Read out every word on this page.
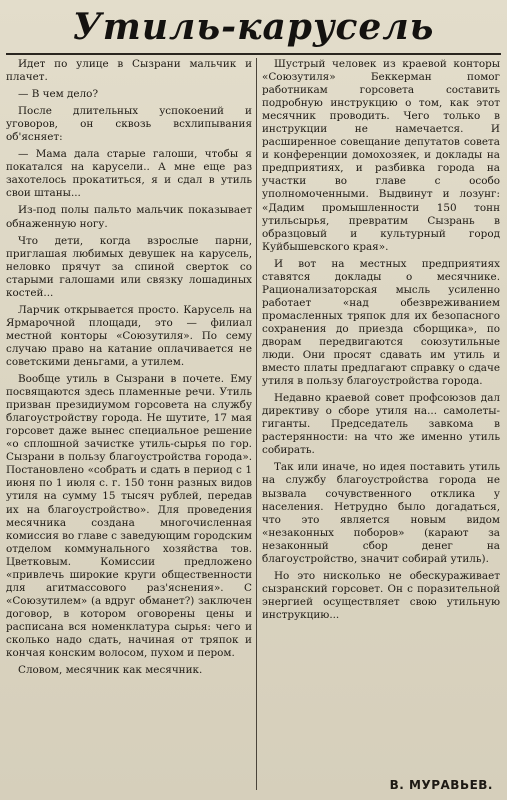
Утиль-карусель

Идет по улице в Сызрани мальчик и плачет.

— В чем дело?

После длительных успокоений и уговоров, он сквозь всхлипывания об'ясняет:

— Мама дала старые галоши, чтобы я покатался на карусели.. А мне еще раз захотелось прокатиться, я и сдал в утиль свои штаны...

Из-под полы пальто мальчик показывает обнаженную ногу.

Что дети, когда взрослые парни, приглашая любимых девушек на карусель, неловко прячут за спиной сверток со старыми галошами или связку лошадиных костей...

Ларчик открывается просто. Карусель на Ярмарочной площади, это — филиал местной конторы «Союзутиля». По сему случаю право на катание оплачивается не советскими деньгами, а утилем.

Вообще утиль в Сызрани в почете. Ему посвящаются здесь пламенные речи. Утиль призван президиумом горсовета на службу благоустройству города. Не шутите, 17 мая горсовет даже вынес специальное решение «о сплошной зачистке утиль-сырья по гор. Сызрани в пользу благоустройства города». Постановлено «собрать и сдать в период с 1 июня по 1 июля с. г. 150 тонн разных видов утиля на сумму 15 тысяч рублей, передав их на благоустройство». Для проведения месячника создана многочисленная комиссия во главе с заведующим городским отделом коммунального хозяйства тов. Цветковым. Комиссии предложено «привлечь широкие круги общественности для агитмассового раз'яснения». С «Союзутилем» (а вдруг обманет?) заключен договор, в котором оговорены цены и расписана вся номенклатура сырья: чего и сколько надо сдать, начиная от тряпок и кончая конским волосом, пухом и пером.

Словом, месячник как месячник.

Шустрый человек из краевой конторы «Союзутиля» Беккерман помог работникам горсовета составить подробную инструкцию о том, как этот месячник проводить. Чего только в инструкции не намечается. И расширенное совещание депутатов совета и конференции домохозяек, и доклады на предприятиях, и разбивка города на участки во главе с особо уполномоченными. Выдвинут и лозунг: «Дадим промышленности 150 тонн утильсырья, превратим Сызрань в образцовый и культурный город Куйбышевского края».

И вот на местных предприятиях ставятся доклады о месячнике. Рационализаторская мысль усиленно работает «над обезвреживанием промасленных тряпок для их безопасного сохранения до приезда сборщика», по дворам передвигаются союзутильные люди. Они просят сдавать им утиль и вместо платы предлагают справку о сдаче утиля в пользу благоустройства города.

Недавно краевой совет профсоюзов дал директиву о сборе утиля на... самолеты-гиганты. Председатель завкома в растерянности: на что же именно утиль собирать.

Так или иначе, но идея поставить утиль на службу благоустройства города не вызвала сочувственного отклика у населения. Нетрудно было догадаться, что это является новым видом «незаконных поборов» (карают за незаконный сбор денег на благоустройство, значит собирай утиль).

Но это нисколько не обескураживает сызранский горсовет. Он с поразительной энергией осуществляет свою утильную инструкцию...

В. МУРАВЬЕВ.
